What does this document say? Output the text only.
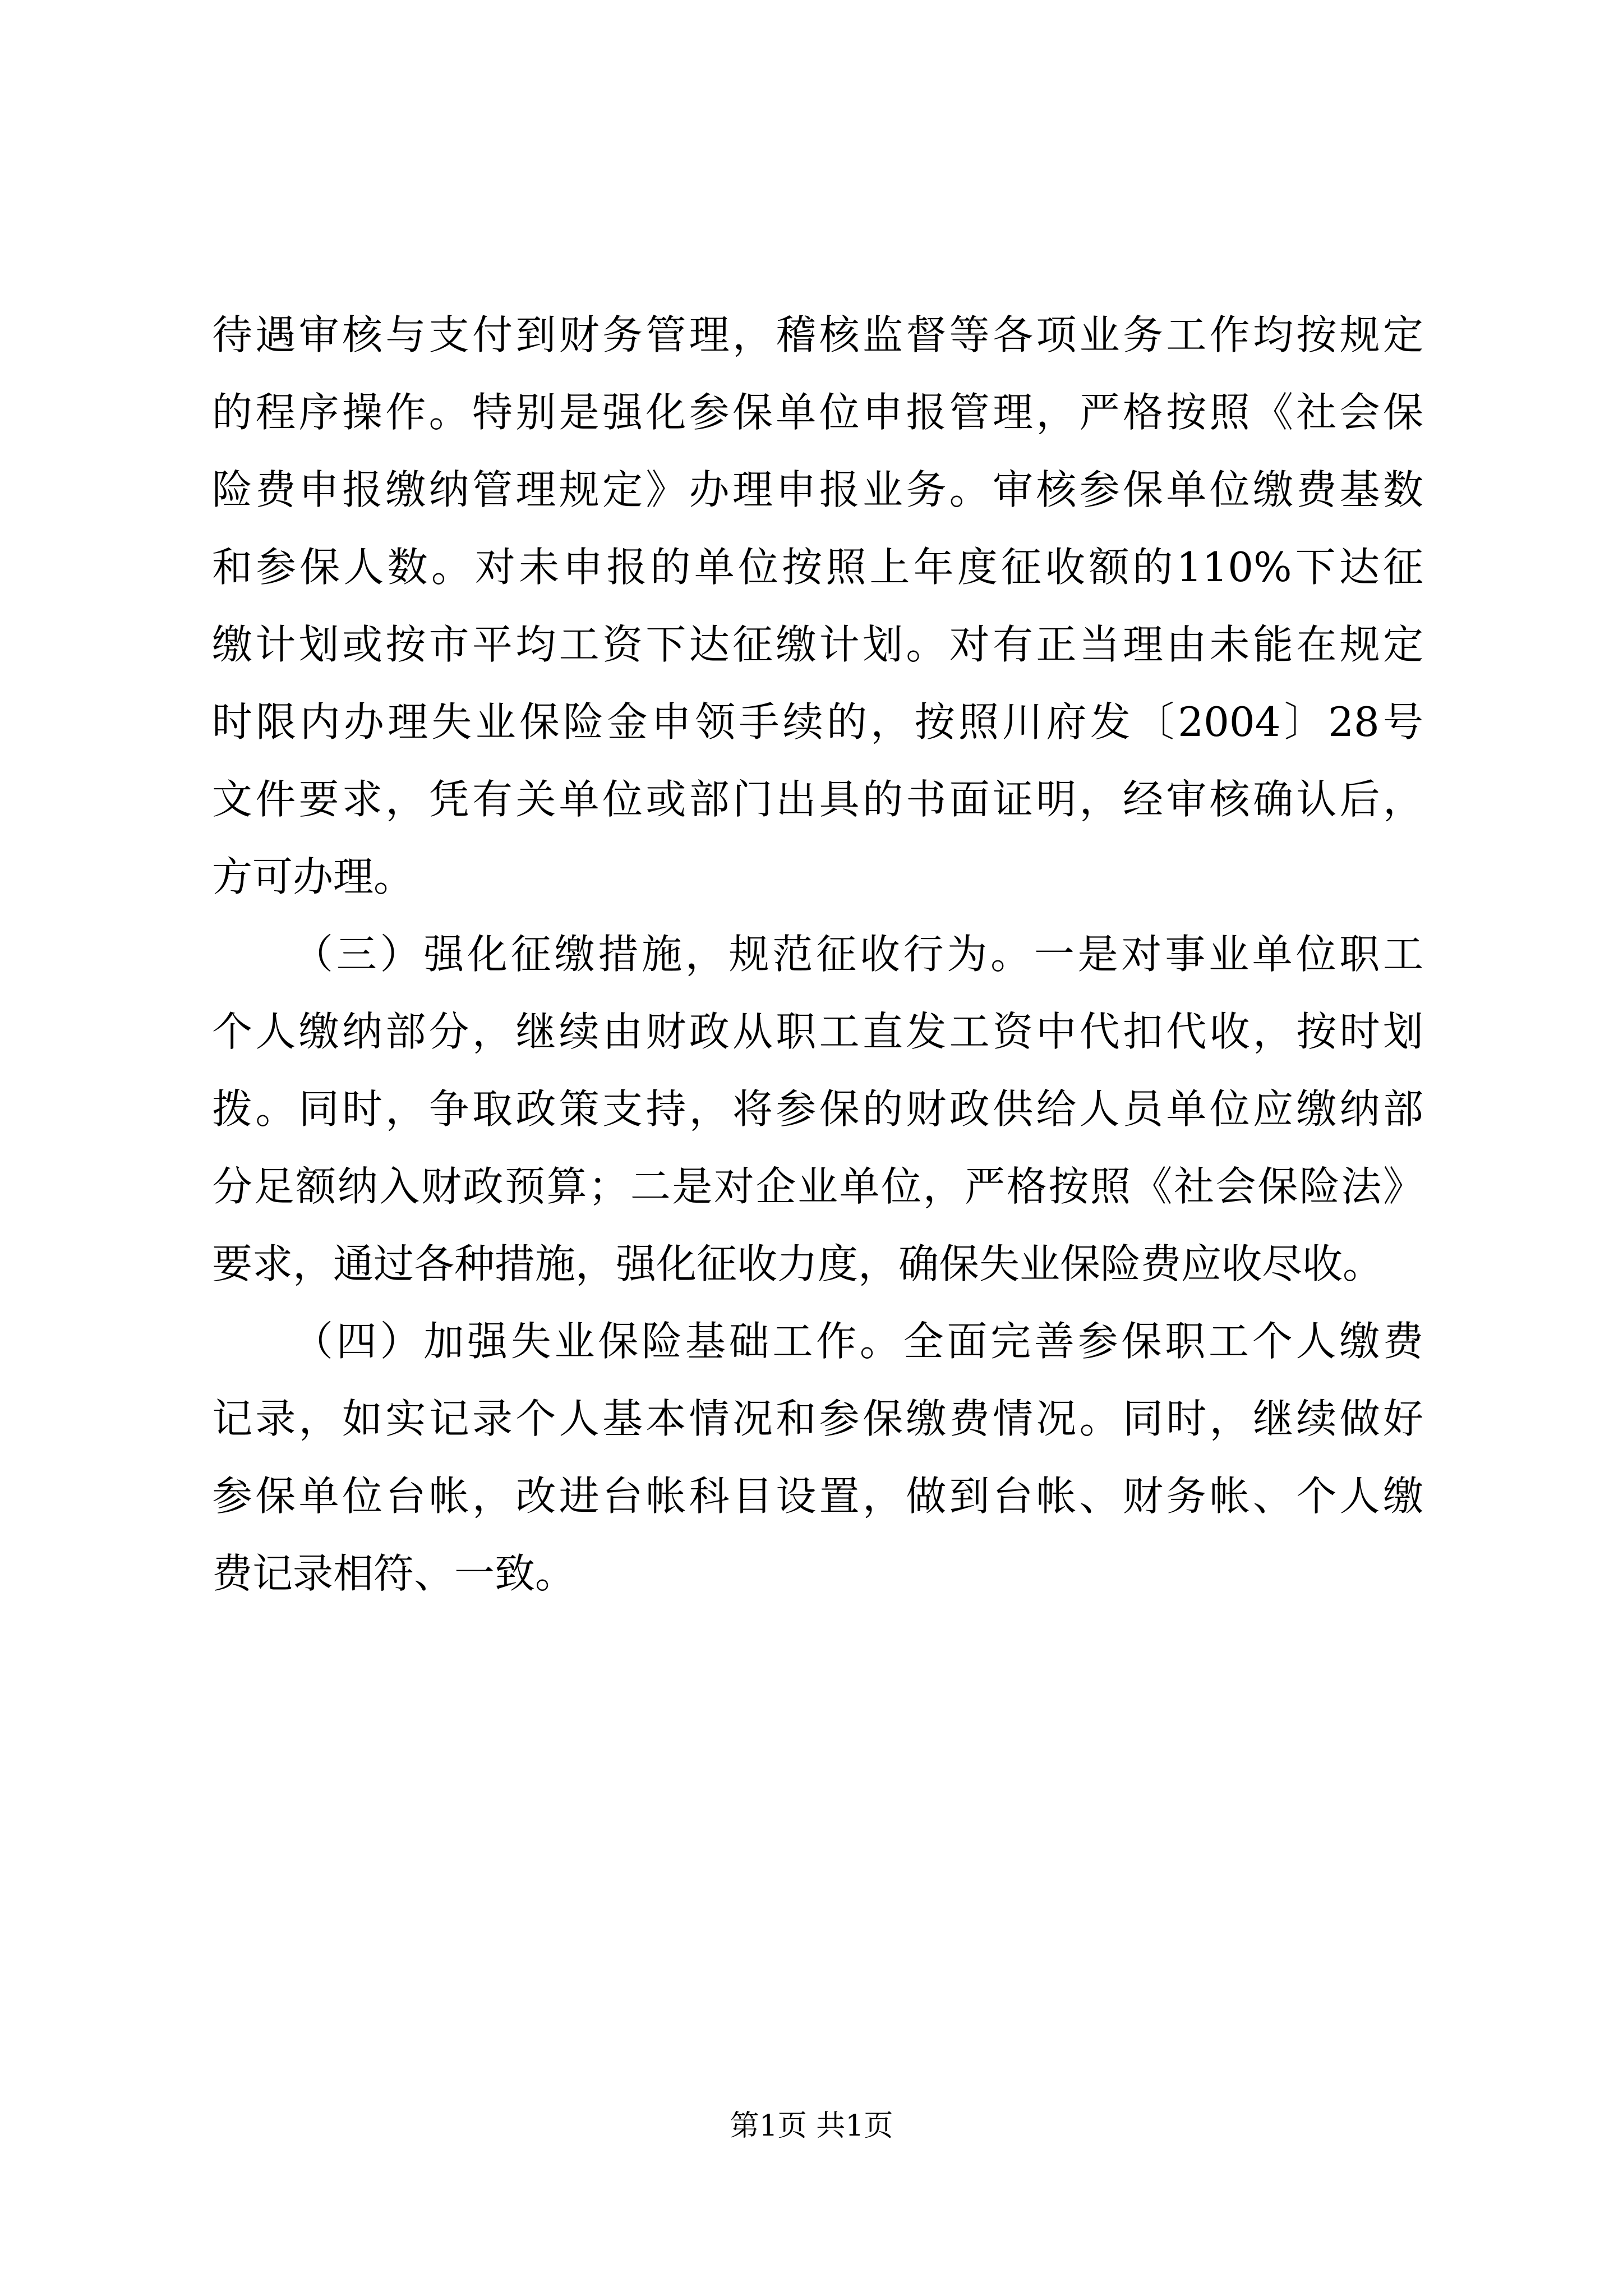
待遇审核与支付到财务管理，稽核监督等各项业务工作均按规定
的程序操作。特别是强化参保单位申报管理，严格按照《社会保
险费申报缴纳管理规定》办理申报业务。审核参保单位缴费基数
和参保人数。对未申报的单位按照上年度征收额的110%下达征
缴计划或按市平均工资下达征缴计划。对有正当理由未能在规定
时限内办理失业保险金申领手续的，按照川府发〔2004〕28号
文件要求，凭有关单位或部门出具的书面证明，经审核确认后，
方可办理。
（三）强化征缴措施，规范征收行为。一是对事业单位职工
个人缴纳部分，继续由财政从职工直发工资中代扣代收，按时划
拨。同时，争取政策支持，将参保的财政供给人员单位应缴纳部
分足额纳入财政预算；二是对企业单位，严格按照《社会保险法》
要求，通过各种措施，强化征收力度，确保失业保险费应收尽收。
（四）加强失业保险基础工作。全面完善参保职工个人缴费
记录，如实记录个人基本情况和参保缴费情况。同时，继续做好
参保单位台帐，改进台帐科目设置，做到台帐、财务帐、个人缴
费记录相符、一致。
第1页 共1页
